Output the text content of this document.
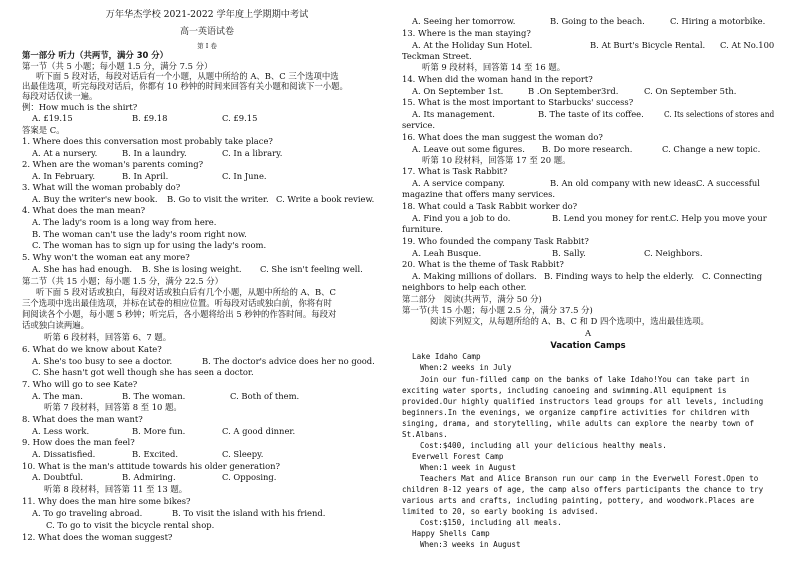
万年华杰学校 2021-2022 学年度上学期期中考试
高一英语试卷
第 I 卷
第一部分 听力（共两节，满分 30 分）
第一节（共 5 小题；每小题 1.5 分，满分 7.5 分）
听下面 5 段对话，每段对话后有一个小题，从题中所给的 A、B、C 三个选项中选
出最佳选项，听完每段对话后，你都有 10 秒钟的时间来回答有关小题和阅读下一小题。
每段对话仅读一遍。
例：How much is the shirt?
A. £19.15	B. £9.18	C. £9.15
答案是 C。
1. Where does this conversation most probably take place?
A. At a nursery.	B. In a laundry.	C. In a library.
2. When are the woman's parents coming?
A. In February.	B. In April.	C. In June.
3. What will the woman probably do?
A. Buy the writer's new book. B. Go to visit the writer. C. Write a book review.
4. What does the man mean?
A. The lady's room is a long way from here.
B. The woman can't use the lady's room right now.
C. The woman has to sign up for using the lady's room.
5. Why won't the woman eat any more?
A. She has had enough. B. She is losing weight. C. She isn't feeling well.
第二节（共 15 小题；每小题 1.5 分，满分 22.5 分）
听下面 5 段对话或独白，每段对话或独白后有几个小题，从题中所给的 A、B、C
三个选项中选出最佳选项，并标在试卷的相应位置。听每段对话或独白前，你将有时
间阅读各个小题，每小题 5 秒钟；听完后，各小题将给出 5 秒钟的作答时间。每段对
话或独白读两遍。
听第 6 段材料，回答第 6、7 题。
6. What do we know about Kate?
A. She's too busy to see a doctor.	B. The doctor's advice does her no good.
C. She hasn't got well though she has seen a doctor.
7. Who will go to see Kate?
A. The man.	B. The woman.	C. Both of them.
听第 7 段材料，回答第 8 至 10 题。
8. What does the man want?
A. Less work.	B. More fun.	C. A good dinner.
9. How does the man feel?
A. Dissatisfied.	B. Excited.	C. Sleepy.
10. What is the man's attitude towards his older generation?
A. Doubtful.	B. Admiring.	C. Opposing.
听第 8 段材料，回答第 11 至 13 题。
11. Why does the man hire some bikes?
A. To go traveling abroad.	B. To visit the island with his friend.
C. To go to visit the bicycle rental shop.
12. What does the woman suggest?
A. Seeing her tomorrow.	B. Going to the beach.	C. Hiring a motorbike.
13. Where is the man staying?
A. At the Holiday Sun Hotel.	B. At Burt's Bicycle Rental. C. At No.100
Teckman Street.
听第 9 段材料，回答第 14 至 16 题。
14. When did the woman hand in the report?
A. On September 1st.	B .On September3rd.	C. On September 5th.
15. What is the most important to Starbucks' success?
A. Its management.	B. The taste of its coffee. C. Its selections of stores and
service.
16. What does the man suggest the woman do?
A. Leave out some figures. B. Do more research.	C. Change a new topic.
听第 10 段材料，回答第 17 至 20 题。
17. What is Task Rabbit?
A. A service company.	B. An old company with new ideas.
C. A successful
magazine that offers many services.
18. What could a Task Rabbit worker do?
A. Find you a job to do.	B. Lend you money for rent.
C. Help you move your
furniture.
19. Who founded the company Task Rabbit?
A. Leah Busque.	B. Sally.	C. Neighbors.
20. What is the theme of Task Rabbit?
A. Making millions of dollars. B. Finding ways to help the elderly. C. Connecting
neighbors to help each other.
第二部分　阅读(共两节，满分 50 分)
第一节(共 15 小题；每小题 2.5 分，满分 37.5 分)
阅读下列短文，从每题所给的 A、B、C 和 D 四个选项中，选出最佳选项。
A
Vacation Camps
Lake Idaho Camp
When:2 weeks in July
Join our fun-filled camp on the banks of lake Idaho!You can take part in
exciting water sports, including canoeing and swimming.All equipment is
provided.Our highly qualified instructors lead groups for all levels, including
beginners.In the evenings, we organize campfire activities for children with
singing, drama, and storytelling, while adults can explore the nearby town of
St.Albans.
Cost:$400, including all your delicious healthy meals.
Everwell Forest Camp
When:1 week in August
Teachers Mat and Alice Branson run our camp in the Everwell Forest.Open to
children 8-12 years of age, the camp also offers participants the chance to try
various arts and crafts, including painting, pottery, and woodwork.Places are
limited to 20, so early booking is advised.
Cost:$150, including all meals.
Happy Shells Camp
When:3 weeks in August
